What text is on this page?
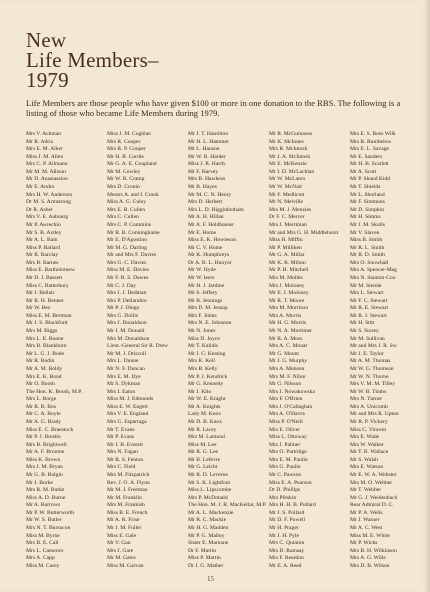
New
Life Members–
1979

Life Members are those people who have given $100 or more in one donation to the RBS. The following is a listing of those who became Life Members during 1979.

Mrs V. Ackman
Mr R. Adriz
Mrs E. M. Alker
Miss J. M. Allen
Mrs C. P. Allmann
Mr M. M. Allison
Mr D. Anastassiou
Mr E. Andro
Mrs H. W. Anderson
Dr M. S. Armstrong
Dr R. Asher
Mrs V. E. Aubourg
Mr P. Awrechio
Mr S. B. Axtley
Mr A. L. Bain
Miss P. Ballard
Mr R. Barclay
Mrs B. Barnes
Miss E. Bartholomew
Mr D. J. Bassett
Miss C. Batterbury
Mr J. Bellair
Mr R. H. Bennet
Mr W. Bez
Miss E. M. Bertman
Mr J. S. Blackford
Mrs M. Biggs
Mrs L. E. Boone
Mrs B. Blankhorn
Mr L. G. J. Bode
Mr R. Bodin
Mr A. M. Boldy
Mrs E. K. Bond
Mr O. Booth
The Hon. K. Booth, M.P.
Mrs L. Borge
Mr R. B. Bos
Mr C. A. Boyle
Mr A. G. Brady
Miss E. C. Braestock
Mr P. J. Breslin
Mrs B. Brightwell
Mr A. F. Broome
Miss K. Brown
Mrs J. M. Bryan
Mr G. B. Bulgin
Mr J. Burke
Mrs R. M. Burke
Miss A. D. Burne
Mr A. Burrows
Mr P. W. Butterworth
Mr W. S. Butler
Mrs N. T. Bursucon
Miss M. Byrne
Mrs B. E. Call
Mrs L. Cameron
Mrs A. Capp
Miss M. Carey
Miss J. M. Coghlan
Mrs R. Cooper
Mrs R. P. Cooper
Mr H. R. Cordie
Mr G. A. E. Coupland
Mr M. Cowley
Mr W. R. Cramp
Mrs D. Cronin
Messrs A. and I. Crook
Miss A. G. Culey
Mrs E. B. Cullen
Mrs C. Cullen
Mrs C. P. Cummins
Mr R. R. Cunninghame
Mr E. D'Agostino
Mr M. G. Darling
Mr and Mrs F. Davies
Mrs G. C. Davies
Miss M. E. Davies
Mr F. R. S. Dawes
Mr C. J. Day
Mrs J. J. Dedman
Mrs P. Dellarubio
Mr P. J. Dingo
Mrs G. Dollis
Mrs J. Donaldson
Mr J. M. Donald
Mrs M. Donaldson
Lieut.-General Sir R. Drew
Mr M. J. Driscoll
Mrs L. Dunne
Mr N. F. Duncan
Mrs E. M. Dye
Mr S. Dykman
Mrs I. Eaton
Miss M. J. Edmonds
Miss E. W. Engert
Mrs V. E. England
Mrs G. Esparraga
Mr T. Evans
Mr P. Evans
Mr J. B. Everett
Mrs N. Fagan
Mr R. S. Fenton
Mrs C. Field
Mrs M. Fitzpatrick
Rev. J. O. A. Flynn
Mr M. J. Freeman
Mr M. Franklin
Mrs M. Frankish
Miss B. E. French
Mr A. R. Frise
Mr J. M. Fuller
Miss E. Gale
Mr V. Gan
Mrs J. Gare
Mr M. Gates
Miss M. Garvan
Mr J. T. Hamilton
Mr H. L. Hammer
Mr L. Hanson
Mr W. R. Harder
Miss J. R. Hardy
Mr F. Harvey
Mrs B. Hawkess
Mr B. Hayes
Mr M. C. N. Henry
Mrs D. Herbert
Mrs L. D. Higginbotham
Mr A. H. Hillan
Mr A. F. Holdhauser
Mr E. Home
Miss E. K. Howieson
Mr C. V. Hume
Mr K. Humphreys
Dr A. B. L. Hunyor
Mr W. Hyde
Mr W. Ieers
Mr H. J. Jardine
Mr S. Jeffery
Mr B. Jennings
Mrs D. M. Jessop
Mrs F. Johns
Mrs N. E. Johnston
Mr N. Jones
Miss D. Joyce
Mr T. Kalidis
Mr J. C. Keating
Mrs K. Kell
Mrs B. Kelly
Mr P. J. Kendrick
Mr G. Kennedy
Mr J. Kilo
Mr W. E. Knight
Mr A. Knights
Lady M. Knox
Mr D. B. Knox
Mr R. Lacey
Mrs M. Lamond
Miss M. Lee
Mr R. G. Lee
Mr B. Lefevre
Mr G. Leicht
Mr R. D. Leverne
Mr S. K. Lightfoot
Miss L. Lipscombe
Mrs P. McDonald
The Hon. M. J. R. MacKellar, M.P.
Mr A. L. Mackenzie
Mr R. C. Mackie
Mr H. G. Madden
Mr P. G. Malloy
Sister E. Marnane
Dr F. Martin
Miss P. Martin
Dr J. G. Mather
Mr R. McGuinness
Mr K. McInnes
Mrs R. McIntosh
Mr J. A. McIntosh
Mr E. McKenzie
Mr I. D. McLachlan
Mr W. McLaren
Mr W. McNair
Mr F. Medlicott
Mr N. Melville
Mrs M. J. Menzies
Dr F. C. Mercer
Mrs J. Merriman
Mr and Mrs G. H. Middlehurst
Miss H. Miffin
Mr P. Milliken
Mr G. A. Millar
Mr K. R. Milton
Mr P. H. Mitchell
Mrs M. Mobbs
Mrs J. Moloney
Mr E. J. Moloney
Mr R. T. Moore
Mrs M. Morrison
Mrs A. Morris
Mr H. G. Morris
Mr N. A. Mortimer
Mr R. A. Moss
Mrs A. C. Mouat
Mr G. Mount
Mr J. G. Murphy
Mrs A. Munson
Mrs M. F. Nilon
Mr G. Nilsson
Mrs J. Nowakowska
Mrs F. O'Brien
Mrs J. O'Callaghan
Mrs A. O'Harris
Miss P. O'Neill
Mrs E. Oliver
Miss L. Ottoway
Mrs J. Palmer
Mrs O. Partridge
Mrs E. M. Paulin
Mrs G. Paulin
Mr C. Pawson
Miss E. A. Pearson
Dr D. Phillips
Mrs Pfeskin
Mrs H. H. B. Pollard
Mr J. S. Pollard
Mr D. F. Powell
Mr H. Prager
Mr J. H. Pyle
Mrs C. Quinton
Mrs D. Ramsay
Mrs F. Reardon
Mr E. A. Reed
Mrs E. S. Ross Wilk
Mrs R. Rumbelow
Mrs E. L. Savage
Mr E. Sanders
Mr H. B. Scarlett
Mr A. Scott
Mr P. Shand Kidd
Mr T. Shields
Mr L. Shorland
Mr F. Simmons
Mr D. Simpkin
Mr H. Simms
Mr J. M. Skulls
Mr V. Slaven
Miss B. Smith
Mr R. L. Smith
Mr R. D. Smith
Mrs O. Snowball
Mrs A. Spencer-Mag
Mrs N. Stanton-Coo
Mr M. Steinle
Mrs L. Stewart
Mr F. C. Stewart
Mr R. E. Stewart
Mr R. J. Stewart
Mr H. Stitt
Mr S. Storey
Mr M. Sullivan
Mr and Mrs J. R. Sw
Mr J. E. Taylor
Mr A. M. Thomas
Mr W. G. Thomson
Mr W. N. Thorne
Mrs V. M. M. Tilley
Mr W. B. Timbs
Mrs N. Turner
Mrs A. Unicomb
Mr and Mrs R. Upton
Mr R. P. Vickery
Miss C. Vincent
Mrs E. Wade
Mrs W. Walker
Mr T. B. Wallace
Mr S. Walsh
Mrs E. Watson
Mr E. W. A. Webster
Mrs M. O. Webber
Mr T. Webber
Mr G. J. Weidenbach
Rear Admiral D. C.
Mr P. A. Wells
Mr J. Warner
Mr A. C. West
Miss M. E. White
Mr P. Wicks
Mrs B. H. Wilkinson
Mrs A. G. Wills
Mrs D. B. Wilson
15
